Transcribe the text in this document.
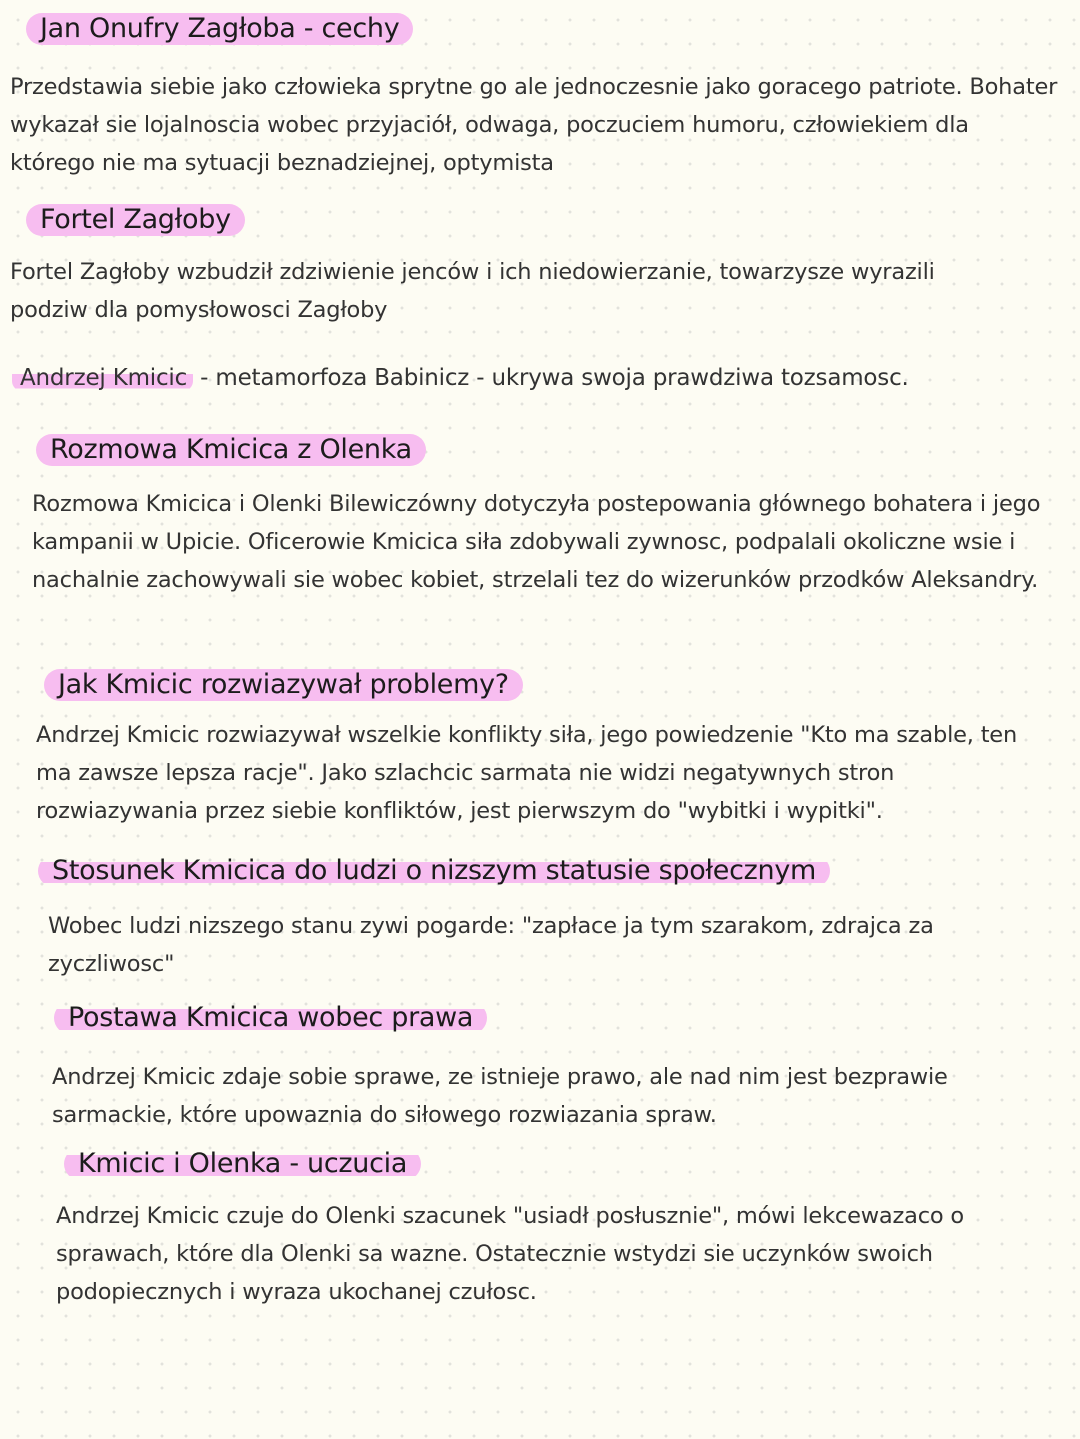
Jan Onufry Zagłoba - cechy

Przedstawia siebie jako człowieka sprytne go ale jednoczesnie jako goracego patriote. Bohater wykazał sie lojalnoscia wobec przyjaciół, odwaga, poczuciem humoru, człowiekiem dla którego nie ma sytuacji beznadziejnej, optymista

Fortel Zagłoby

Fortel Zagłoby wzbudził zdziwienie jenców i ich niedowierzanie, towarzysze wyrazili podziw dla pomysłowosci Zagłoby

Andrzej Kmicic - metamorfoza Babinicz - ukrywa swoja prawdziwa tozsamosc.
Rozmowa Kmicica z Olenka

Rozmowa Kmicica i Olenki Bilewiczówny dotyczyła postepowania głównego bohatera i jego kampanii w Upicie. Oficerowie Kmicica siła zdobywali zywnosc, podpalali okoliczne wsie i nachalnie zachowywali sie wobec kobiet, strzelali tez do wizerunków przodków Aleksandry.

Jak Kmicic rozwiazywał problemy?

Andrzej Kmicic rozwiazywał wszelkie konflikty siła, jego powiedzenie "Kto ma szable, ten ma zawsze lepsza racje". Jako szlachcic sarmata nie widzi negatywnych stron rozwiazywania przez siebie konfliktów, jest pierwszym do "wybitki i wypitki".

Stosunek Kmicica do ludzi o nizszym statusie społecznym

Wobec ludzi nizszego stanu zywi pogarde: "zapłace ja tym szarakom, zdrajca za zyczliwosc"

Postawa Kmicica wobec prawa

Andrzej Kmicic zdaje sobie sprawe, ze istnieje prawo, ale nad nim jest bezprawie sarmackie, które upowaznia do siłowego rozwiazania spraw.

Kmicic i Olenka - uczucia

Andrzej Kmicic czuje do Olenki szacunek "usiadł posłusznie", mówi lekcewazaco o sprawach, które dla Olenki sa wazne. Ostatecznie wstydzi sie uczynków swoich podopiecznych i wyraza ukochanej czułosc.
